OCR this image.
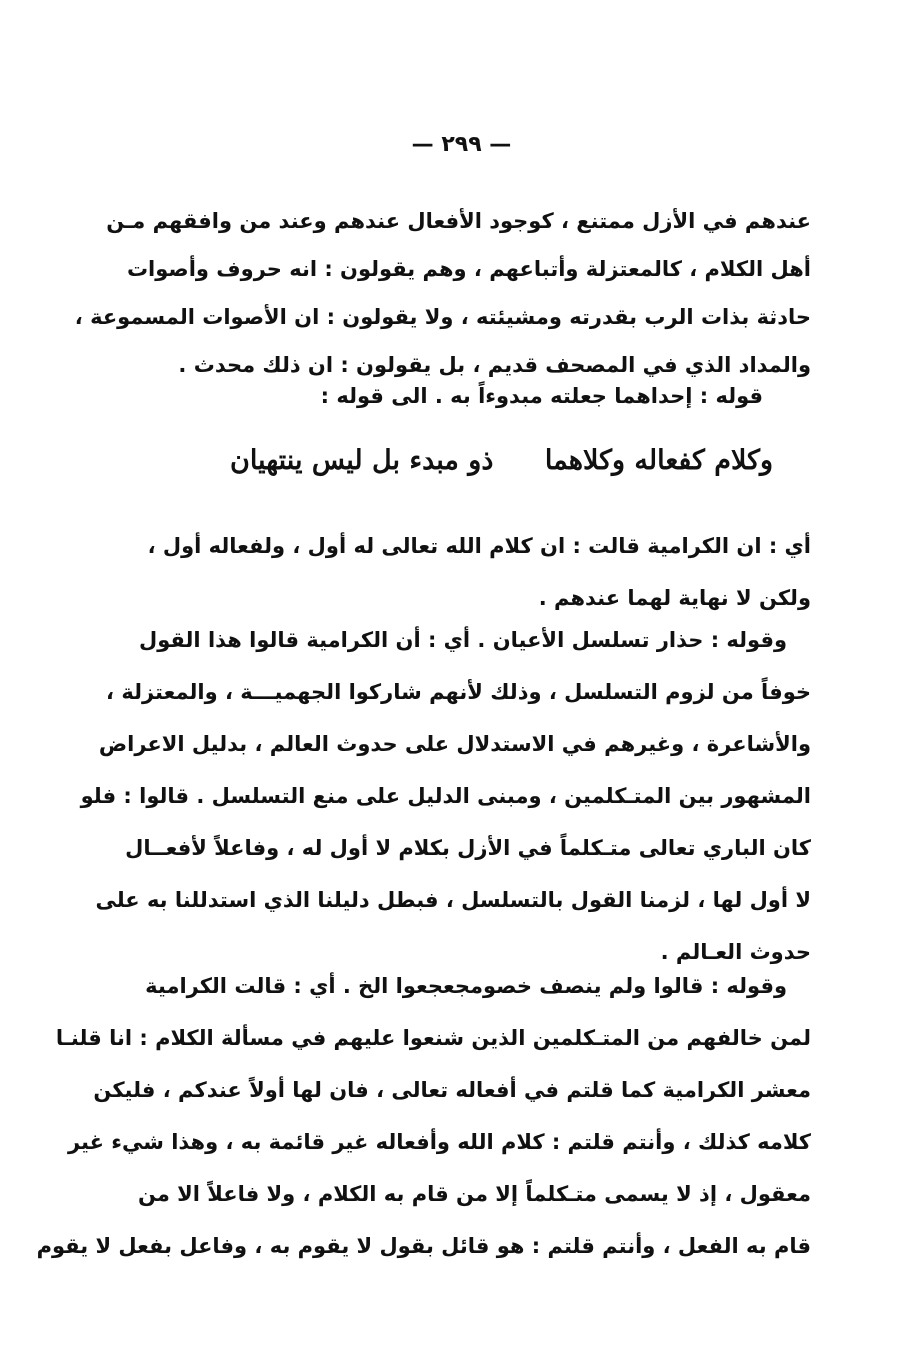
— ٢٩٩ —
عندهم في الأزل ممتنع ، كوجود الأفعال عندهم وعند من وافقهم مـن
أهل الكلام ، كالمعتزلة وأتباعهم ، وهم يقولون : انه حروف وأصوات
حادثة بذات الرب بقدرته ومشيئته ، ولا يقولون : ان الأصوات المسموعة ،
والمداد الذي في المصحف قديم ، بل يقولون : ان ذلك محدث .
قوله : إحداهما جعلته مبدوءاً به . الى قوله :
وكلام كفعاله وكلاهما
ذو مبدء بل ليس ينتهيان
أي : ان الكرامية قالت : ان كلام الله تعالى له أول ، ولفعاله أول ،
ولكن لا نهاية لهما عندهم .
وقوله : حذار تسلسل الأعيان . أي : أن الكرامية قالوا هذا القول
خوفاً من لزوم التسلسل ، وذلك لأنهم شاركوا الجهميـــة ، والمعتزلة ،
والأشاعرة ، وغيرهم في الاستدلال على حدوث العالم ، بدليل الاعراض
المشهور بين المتـكلمين ، ومبنى الدليل على منع التسلسل . قالوا : فلو
كان الباري تعالى متـكلماً في الأزل بكلام لا أول له ، وفاعلاً لأفعــال
لا أول لها ، لزمنا القول بالتسلسل ، فبطل دليلنا الذي استدللنا به على
حدوث العـالم .
وقوله : قالوا ولم ينصف خصومجعجعوا الخ . أي : قالت الكرامية
لمن خالفهم من المتـكلمين الذين شنعوا عليهم في مسألة الكلام : انا قلنـا
معشر الكرامية كما قلتم في أفعاله تعالى ، فان لها أولاً عندكم ، فليكن
كلامه كذلك ، وأنتم قلتم : كلام الله وأفعاله غير قائمة به ، وهذا شيء غير
معقول ، إذ لا يسمى متـكلماً إلا من قام به الكلام ، ولا فاعلاً الا من
قام به الفعل ، وأنتم قلتم : هو قائل بقول لا يقوم به ، وفاعل بفعل لا يقوم
